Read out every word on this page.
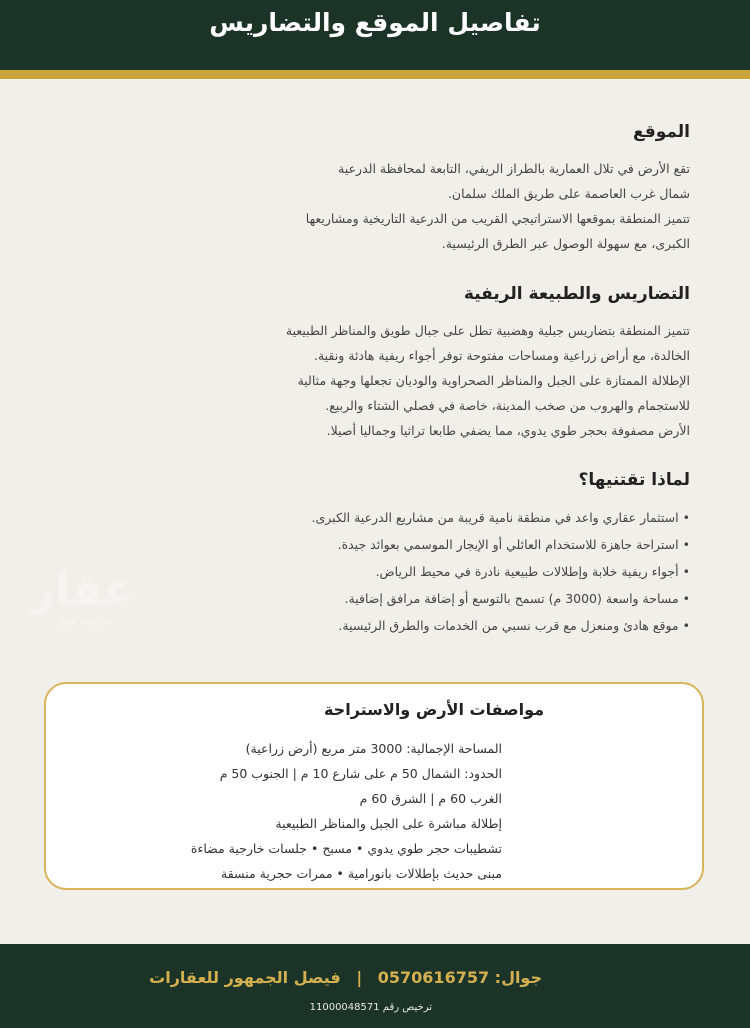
تفاصيل الموقع والتضاريس
الموقع
تقع الأرض في تلال العمارية بالطراز الريفي، التابعة لمحافظة الدرعية
شمال غرب العاصمة على طريق الملك سلمان.
تتميز المنطقة بموقعها الاستراتيجي القريب من الدرعية التاريخية ومشاريعها
الكبرى، مع سهولة الوصول عبر الطرق الرئيسية.
التضاريس والطبيعة الريفية
تتميز المنطقة بتضاريس جبلية وهضبية تطل على جبال طويق والمناظر الطبيعية
الخالدة، مع أراض زراعية ومساحات مفتوحة توفر أجواء ريفية هادئة ونقية.
الإطلالة الممتازة على الجبل والمناظر الصحراوية والوديان تجعلها وجهة مثالية
للاستجمام والهروب من صخب المدينة، خاصة في فصلي الشتاء والربيع.
الأرض مصفوفة بحجر طوي يدوي، مما يضفي طابعا تراثيا وجماليا أصيلا.
لماذا تقتنيها؟
• استثمار عقاري واعد في منطقة نامية قريبة من مشاريع الدرعية الكبرى.
• استراحة جاهزة للاستخدام العائلي أو الإيجار الموسمي بعوائد جيدة.
• أجواء ريفية خلابة وإطلالات طبيعية نادرة في محيط الرياض.
• مساحة واسعة (3000 م) تسمح بالتوسع أو إضافة مرافق إضافية.
• موقع هادئ ومنعزل مع قرب نسبي من الخدمات والطرق الرئيسية.
عقار
منصة عقار
مواصفات الأرض والاستراحة
المساحة الإجمالية: 3000 متر مربع (أرض زراعية)
الحدود: الشمال 50 م على شارع 10 م | الجنوب 50 م
الغرب 60 م | الشرق 60 م
إطلالة مباشرة على الجبل والمناظر الطبيعية
تشطيبات حجر طوي يدوي • مسبح • جلسات خارجية مضاءة
مبنى حديث بإطلالات بانورامية • ممرات حجرية منسقة
جوال: 0570616757 | فيصل الجمهور للعقارات
ترخيص رقم 11000048571
